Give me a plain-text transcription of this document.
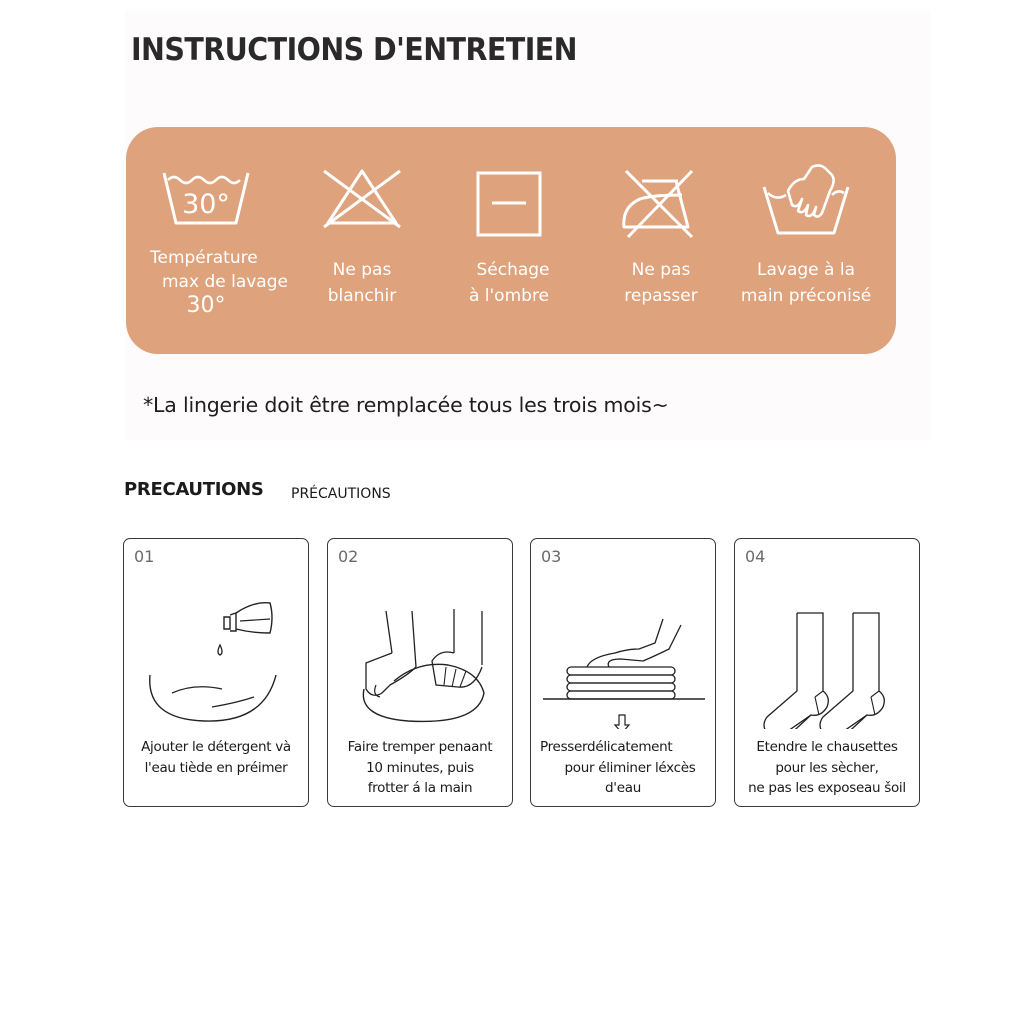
INSTRUCTIONS D'ENTRETIEN
30°
Température
max de lavage
30°
Ne pas
blanchir
Séchage
à l'ombre
Ne pas
repasser
Lavage à la
main préconisé
*La lingerie doit être remplacée tous les trois mois~
PRECAUTIONS PRÉCAUTIONS
01
Ajouter le détergent và
l'eau tiède en préimer
02
Faire tremper penaant
10 minutes, puis
frotter á la main
03
Presserdélicatement
pour éliminer léxcès
d'eau
04
Etendre le chausettes
pour les sècher,
ne pas les exposeau šoil
